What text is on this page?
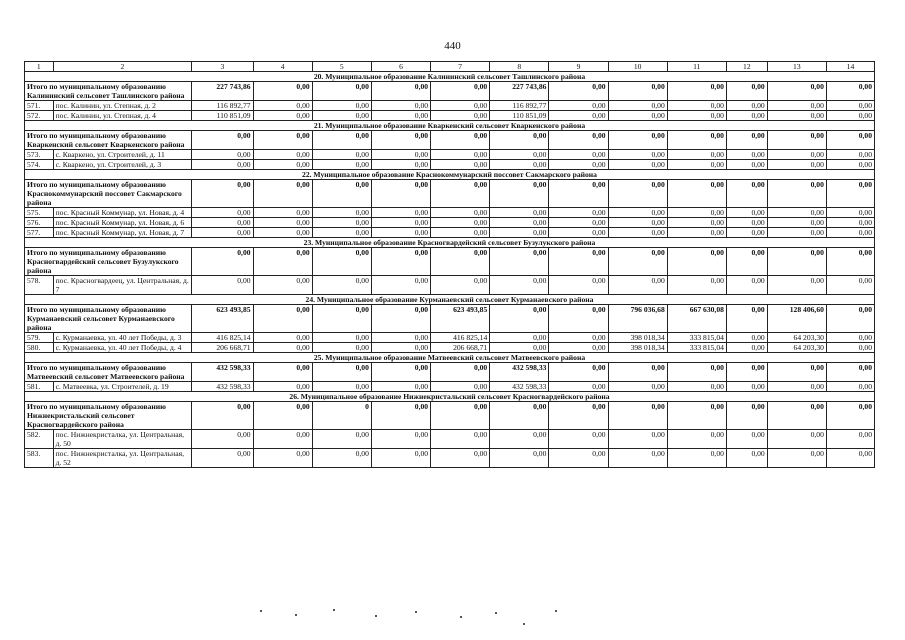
440
1	2	3	4	5	6	7	8	9	10	11	12	13	14
20. Муниципальное образование Калининский сельсовет Ташлинского района													
Итого по муниципальному образованию Калининский сельсовет Ташлинского района		227 743,86	0,00	0,00	0,00	0,00	227 743,86	0,00	0,00	0,00	0,00	0,00	0,00
571.	пос. Калинин, ул. Степная, д. 2	116 892,77	0,00	0,00	0,00	0,00	116 892,77	0,00	0,00	0,00	0,00	0,00	0,00
572.	пос. Калинин, ул. Степная, д. 4	110 851,09	0,00	0,00	0,00	0,00	110 851,09	0,00	0,00	0,00	0,00	0,00	0,00
21. Муниципальное образование Кваркенский сельсовет Кваркенского района													
Итого по муниципальному образованию Кваркенский сельсовет Кваркенского района		0,00	0,00	0,00	0,00	0,00	0,00	0,00	0,00	0,00	0,00	0,00	0,00
573.	с. Кваркено, ул. Строителей, д. 11	0,00	0,00	0,00	0,00	0,00	0,00	0,00	0,00	0,00	0,00	0,00	0,00
574.	с. Кваркено, ул. Строителей, д. 3	0,00	0,00	0,00	0,00	0,00	0,00	0,00	0,00	0,00	0,00	0,00	0,00
22. Муниципальное образование Краснокоммунарский поссовет Сакмарского района													
Итого по муниципальному образованию Краснокоммунарский поссовет Сакмарского района		0,00	0,00	0,00	0,00	0,00	0,00	0,00	0,00	0,00	0,00	0,00	0,00
575.	пос. Красный Коммунар, ул. Новая, д. 4	0,00	0,00	0,00	0,00	0,00	0,00	0,00	0,00	0,00	0,00	0,00	0,00
576.	пос. Красный Коммунар, ул. Новая, д. 6	0,00	0,00	0,00	0,00	0,00	0,00	0,00	0,00	0,00	0,00	0,00	0,00
577.	пос. Красный Коммунар, ул. Новая, д. 7	0,00	0,00	0,00	0,00	0,00	0,00	0,00	0,00	0,00	0,00	0,00	0,00
23. Муниципальное образование Красногвардейский сельсовет Бузулукского района													
Итого по муниципальному образованию Красногвардейский сельсовет Бузулукского района		0,00	0,00	0,00	0,00	0,00	0,00	0,00	0,00	0,00	0,00	0,00	0,00
578.	пос. Красногвардеец, ул. Центральная, д. 7	0,00	0,00	0,00	0,00	0,00	0,00	0,00	0,00	0,00	0,00	0,00	0,00
24. Муниципальное образование Курманаевский сельсовет Курманаевского района													
Итого по муниципальному образованию Курманаевский сельсовет Курманаевского района		623 493,85	0,00	0,00	0,00	623 493,85	0,00	0,00	796 036,68	667 630,08	0,00	128 406,60	0,00
579.	с. Курманаевка, ул. 40 лет Победы, д. 3	416 825,14	0,00	0,00	0,00	416 825,14	0,00	0,00	398 018,34	333 815,04	0,00	64 203,30	0,00
580.	с. Курманаевка, ул. 40 лет Победы, д. 4	206 668,71	0,00	0,00	0,00	206 668,71	0,00	0,00	398 018,34	333 815,04	0,00	64 203,30	0,00
25. Муниципальное образование Матвеевский сельсовет Матвеевского района													
Итого по муниципальному образованию Матвеевский сельсовет Матвеевского района		432 598,33	0,00	0,00	0,00	0,00	432 598,33	0,00	0,00	0,00	0,00	0,00	0,00
581.	с. Матвеевка, ул. Строителей, д. 19	432 598,33	0,00	0,00	0,00	0,00	432 598,33	0,00	0,00	0,00	0,00	0,00	0,00
26. Муниципальное образование Нижнекристальский сельсовет Красногвардейского района													
Итого по муниципальному образованию Нижнекристальский сельсовет Красногвардейского района		0,00	0,00	0	0,00	0,00	0,00	0,00	0,00	0,00	0,00	0,00	0,00
582.	пос. Нижнекристалка, ул. Центральная, д. 50	0,00	0,00	0,00	0,00	0,00	0,00	0,00	0,00	0,00	0,00	0,00	0,00
583.	пос. Нижнекристалка, ул. Центральная, д. 52	0,00	0,00	0,00	0,00	0,00	0,00	0,00	0,00	0,00	0,00	0,00	0,00
